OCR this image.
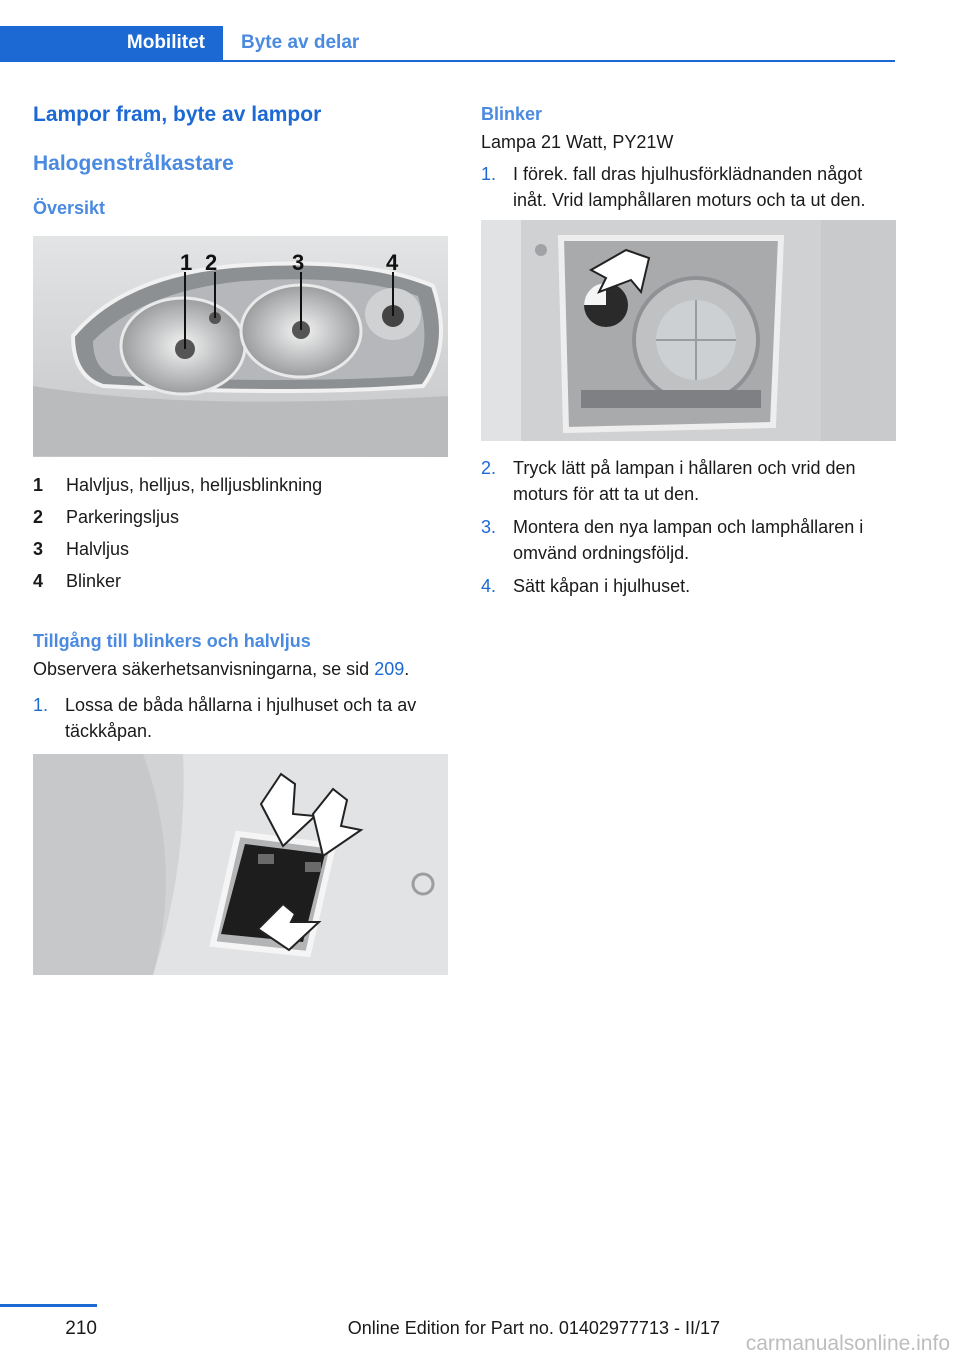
Mobilitet	Byte av delar
Lampor fram, byte av lampor
Halogenstrålkastare
Översikt
1 2	3	4
1	Halvljus, helljus, helljusblinkning
2	Parkeringsljus
3	Halvljus
4	Blinker
Tillgång till blinkers och halvljus
Observera säkerhetsanvisningarna, se sid 209.
1. Lossa de båda hållarna i hjulhuset och ta av täckkåpan.
Blinker
Lampa 21 Watt, PY21W
1. I förek. fall dras hjulhusförklädnanden något inåt. Vrid lamphållaren moturs och ta ut den.
2. Tryck lätt på lampan i hållaren och vrid den moturs för att ta ut den.
3. Montera den nya lampan och lamphållaren i omvänd ordningsföljd.
4. Sätt kåpan i hjulhuset.
210	Online Edition for Part no. 01402977713 - II/17
carmanualsonline.info
